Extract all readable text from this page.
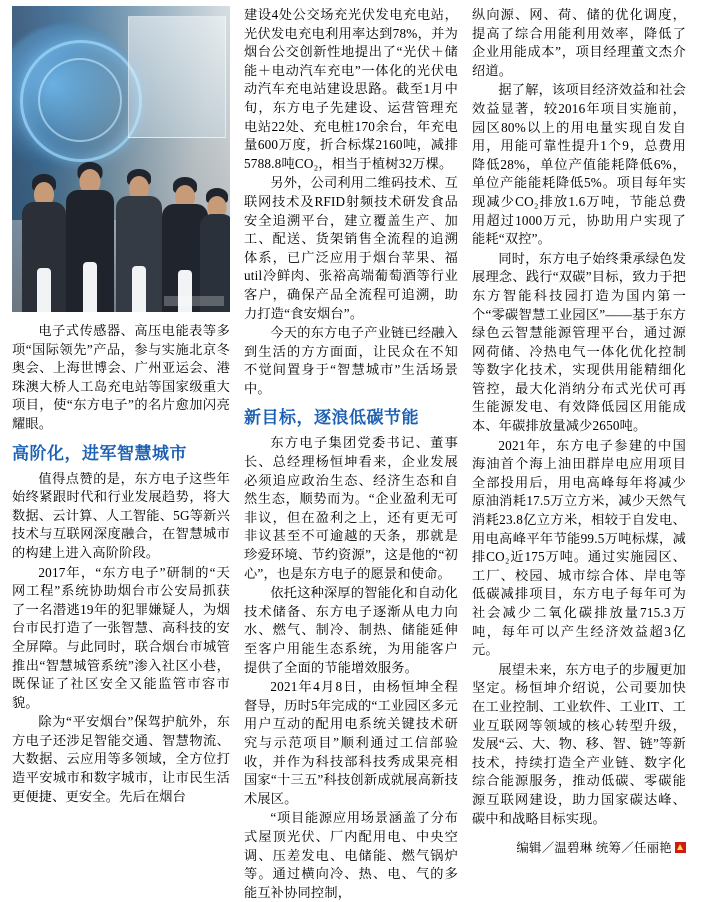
电子式传感器、高压电能表等多项“国际领先”产品，参与实施北京冬奥会、上海世博会、广州亚运会、港珠澳大桥人工岛充电站等国家级重大项目，使“东方电子”的名片愈加闪亮耀眼。

高阶化，进军智慧城市

值得点赞的是，东方电子这些年始终紧跟时代和行业发展趋势，将大数据、云计算、人工智能、5G等新兴技术与互联网深度融合，在智慧城市的构建上进入高阶阶段。

2017年，“东方电子”研制的“天网工程”系统协助烟台市公安局抓获了一名潜逃19年的犯罪嫌疑人，为烟台市民打造了一张智慧、高科技的安全屏障。与此同时，联合烟台市城管推出“智慧城管系统”渗入社区小巷，既保证了社区安全又能监管市容市貌。

除为“平安烟台”保驾护航外，东方电子还涉足智能交通、智慧物流、大数据、云应用等多领域，全方位打造平安城市和数字城市，让市民生活更便捷、更安全。先后在烟台

建设4处公交场充光伏发电充电站，光伏发电充电利用率达到78%，并为烟台公交创新性地提出了“光伏＋储能＋电动汽车充电”一体化的光伏电动汽车充电站建设思路。截至1月中旬，东方电子先建设、运营管理充电站22处、充电桩170余台，年充电量600万度，折合标煤2160吨，减排5788.8吨CO₂，相当于植树32万棵。

另外，公司利用二维码技术、互联网技术及RFID射频技术研发食品安全追溯平台，建立覆盖生产、加工、配送、货架销售全流程的追溯体系，已广泛应用于烟台苹果、福util冷鲜肉、张裕高端葡萄酒等行业客户，确保产品全流程可追溯，助力打造“食安烟台”。

今天的东方电子产业链已经融入到生活的方方面面，让民众在不知不觉间置身于“智慧城市”生活场景中。

新目标，逐浪低碳节能

东方电子集团党委书记、董事长、总经理杨恒坤看来，企业发展必须追应政治生态、经济生态和自然生态，顺势而为。“企业盈利无可非议，但在盈利之上，还有更无可非议甚至不可逾越的天条，那就是珍爱环境、节约资源”，这是他的“初心”，也是东方电子的愿景和使命。

依托这种深厚的智能化和自动化技术储备、东方电子逐渐从电力向水、燃气、制冷、制热、储能延伸至客户用能生态系统，为用能客户提供了全面的节能增效服务。

2021年4月8日，由杨恒坤全程督导，历时5年完成的“工业园区多元用户互动的配用电系统关键技术研究与示范项目”顺利通过工信部验收，并作为科技部科技秀成果亮相国家“十三五”科技创新成就展高新技术展区。

“项目能源应用场景涵盖了分布式屋顶光伏、厂内配用电、中央空调、压差发电、电储能、燃气锅炉等。通过横向冷、热、电、气的多能互补协同控制，

纵向源、网、荷、储的优化调度，提高了综合用能利用效率，降低了企业用能成本”，项目经理董文杰介绍道。

据了解，该项目经济效益和社会效益显著，较2016年项目实施前，园区80%以上的用电量实现自发自用，用能可靠性提升1个9，总费用降低28%，单位产值能耗降低6%，单位产能能耗降低5%。项目每年实现减少CO₂排放1.6万吨，节能总费用超过1000万元，协助用户实现了能耗“双控”。

同时，东方电子始终秉承绿色发展理念、践行“双碳”目标，致力于把东方智能科技园打造为国内第一个“零碳智慧工业园区”——基于东方绿色云智慧能源管理平台，通过源网荷储、冷热电气一体化优化控制等数字化技术，实现供用能精细化管控，最大化消纳分布式光伏可再生能源发电、有效降低园区用能成本、年碳排放量减少2650吨。

2021年，东方电子参建的中国海油首个海上油田群岸电应用项目全部投用后，用电高峰每年将减少原油消耗17.5万立方米，减少天然气消耗23.8亿立方米，相较于自发电、用电高峰平年节能99.5万吨标煤，减排CO₂近175万吨。通过实施园区、工厂、校园、城市综合体、岸电等低碳减排项目，东方电子每年可为社会减少二氧化碳排放量715.3万吨，每年可以产生经济效益超3亿元。

展望未来，东方电子的步履更加坚定。杨恒坤介绍说，公司要加快在工业控制、工业软件、工业IT、工业互联网等领域的核心转型升级，发展“云、大、物、移、智、链”等新技术，持续打造全产业链、数字化综合能源服务，推动低碳、零碳能源互联网建设，助力国家碳达峰、碳中和战略目标实现。

编辑／温碧琳 统筹／任丽艳
